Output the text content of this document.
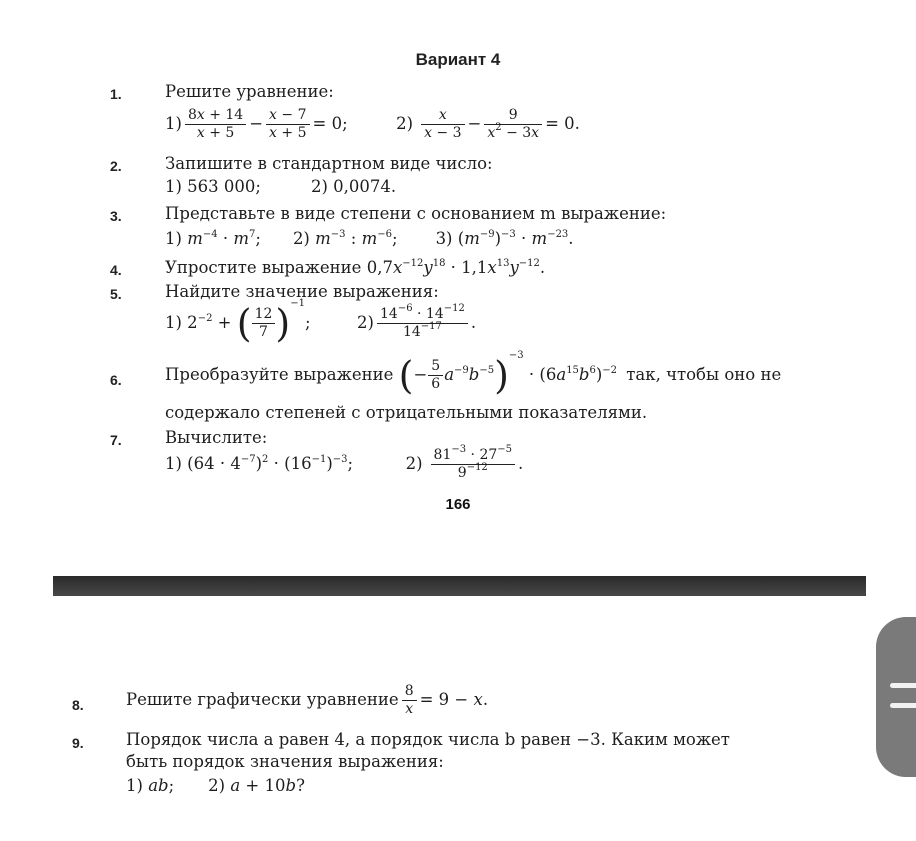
Вариант 4
1.	Решите уравнение:
$1) \frac{8x + 14}{x + 5} - \frac{x - 7}{x + 5} = 0$;  $2) \frac{x}{x - 3} - \frac{9}{x^2 - 3x} = 0$.
2.	Запишите в стандартном виде число:
1) 563 000;	2) 0,0074.
3.	Представьте в виде степени с основанием m выражение:
1) $m^{-4} \cdot m^7$; 2) $m^{-3}$ : $m^{-6}$; 3) $(m^{-9})^{-3} \cdot m^{-23}$.
4.	Упростите выражение $0,7x^{-12}y^{18} \cdot 1,1x^{13}y^{-12}$.
5.	Найдите значение выражения:
1) $2^{-2}$ + ( $\frac{12}{7} )^{-1}$;  $2) \frac{14^{-6} \cdot 14^{-12}}{14^{-17}}$ .
6.	Преобразуйте выражение (− $\frac{5}{6} a^{-9}b^{-5})^{-3} \cdot (6a^{15}b^6)^{-2}$ так, чтобы оно не
содержало степеней с отрицательными показателями.
7.	Вычислите:
1) $(64 \cdot 4^{-7})^2 \cdot (16^{-1})^{-3}$;	$2) \frac{81^{-3} \cdot 27^{-5}}{9^{-12}}$ .
166
8.	Решите графически уравнение $\frac{8}{x} = 9 - x$.
9.	Порядок числа a равен 4, а порядок числа b равен −3. Каким может
быть порядок значения выражения:
1) ab; 2) a + 10b?
